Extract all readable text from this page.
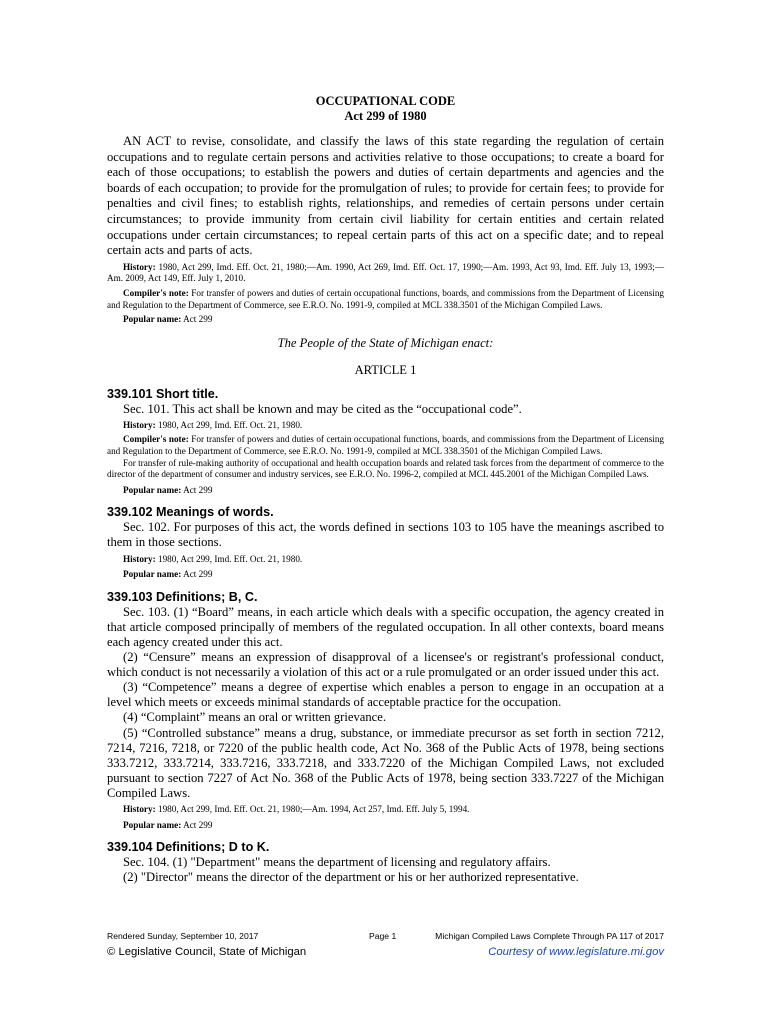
OCCUPATIONAL CODE
Act 299 of 1980
AN ACT to revise, consolidate, and classify the laws of this state regarding the regulation of certain occupations and to regulate certain persons and activities relative to those occupations; to create a board for each of those occupations; to establish the powers and duties of certain departments and agencies and the boards of each occupation; to provide for the promulgation of rules; to provide for certain fees; to provide for penalties and civil fines; to establish rights, relationships, and remedies of certain persons under certain circumstances; to provide immunity from certain civil liability for certain entities and certain related occupations under certain circumstances; to repeal certain parts of this act on a specific date; and to repeal certain acts and parts of acts.
History: 1980, Act 299, Imd. Eff. Oct. 21, 1980;—Am. 1990, Act 269, Imd. Eff. Oct. 17, 1990;—Am. 1993, Act 93, Imd. Eff. July 13, 1993;—Am. 2009, Act 149, Eff. July 1, 2010.
Compiler's note: For transfer of powers and duties of certain occupational functions, boards, and commissions from the Department of Licensing and Regulation to the Department of Commerce, see E.R.O. No. 1991-9, compiled at MCL 338.3501 of the Michigan Compiled Laws.
Popular name: Act 299
The People of the State of Michigan enact:
ARTICLE 1
339.101 Short title.
Sec. 101. This act shall be known and may be cited as the “occupational code”.
History: 1980, Act 299, Imd. Eff. Oct. 21, 1980.
Compiler's note: For transfer of powers and duties of certain occupational functions, boards, and commissions from the Department of Licensing and Regulation to the Department of Commerce, see E.R.O. No. 1991-9, compiled at MCL 338.3501 of the Michigan Compiled Laws.
For transfer of rule-making authority of occupational and health occupation boards and related task forces from the department of commerce to the director of the department of consumer and industry services, see E.R.O. No. 1996-2, compiled at MCL 445.2001 of the Michigan Compiled Laws.
Popular name: Act 299
339.102 Meanings of words.
Sec. 102. For purposes of this act, the words defined in sections 103 to 105 have the meanings ascribed to them in those sections.
History: 1980, Act 299, Imd. Eff. Oct. 21, 1980.
Popular name: Act 299
339.103 Definitions; B, C.
Sec. 103. (1) “Board” means, in each article which deals with a specific occupation, the agency created in that article composed principally of members of the regulated occupation. In all other contexts, board means each agency created under this act.
(2) “Censure” means an expression of disapproval of a licensee's or registrant's professional conduct, which conduct is not necessarily a violation of this act or a rule promulgated or an order issued under this act.
(3) “Competence” means a degree of expertise which enables a person to engage in an occupation at a level which meets or exceeds minimal standards of acceptable practice for the occupation.
(4) “Complaint” means an oral or written grievance.
(5) “Controlled substance” means a drug, substance, or immediate precursor as set forth in section 7212, 7214, 7216, 7218, or 7220 of the public health code, Act No. 368 of the Public Acts of 1978, being sections 333.7212, 333.7214, 333.7216, 333.7218, and 333.7220 of the Michigan Compiled Laws, not excluded pursuant to section 7227 of Act No. 368 of the Public Acts of 1978, being section 333.7227 of the Michigan Compiled Laws.
History: 1980, Act 299, Imd. Eff. Oct. 21, 1980;—Am. 1994, Act 257, Imd. Eff. July 5, 1994.
Popular name: Act 299
339.104 Definitions; D to K.
Sec. 104. (1) "Department" means the department of licensing and regulatory affairs.
(2) "Director" means the director of the department or his or her authorized representative.
Rendered Sunday, September 10, 2017	Page 1	Michigan Compiled Laws Complete Through PA 117 of 2017
© Legislative Council, State of Michigan	Courtesy of www.legislature.mi.gov
